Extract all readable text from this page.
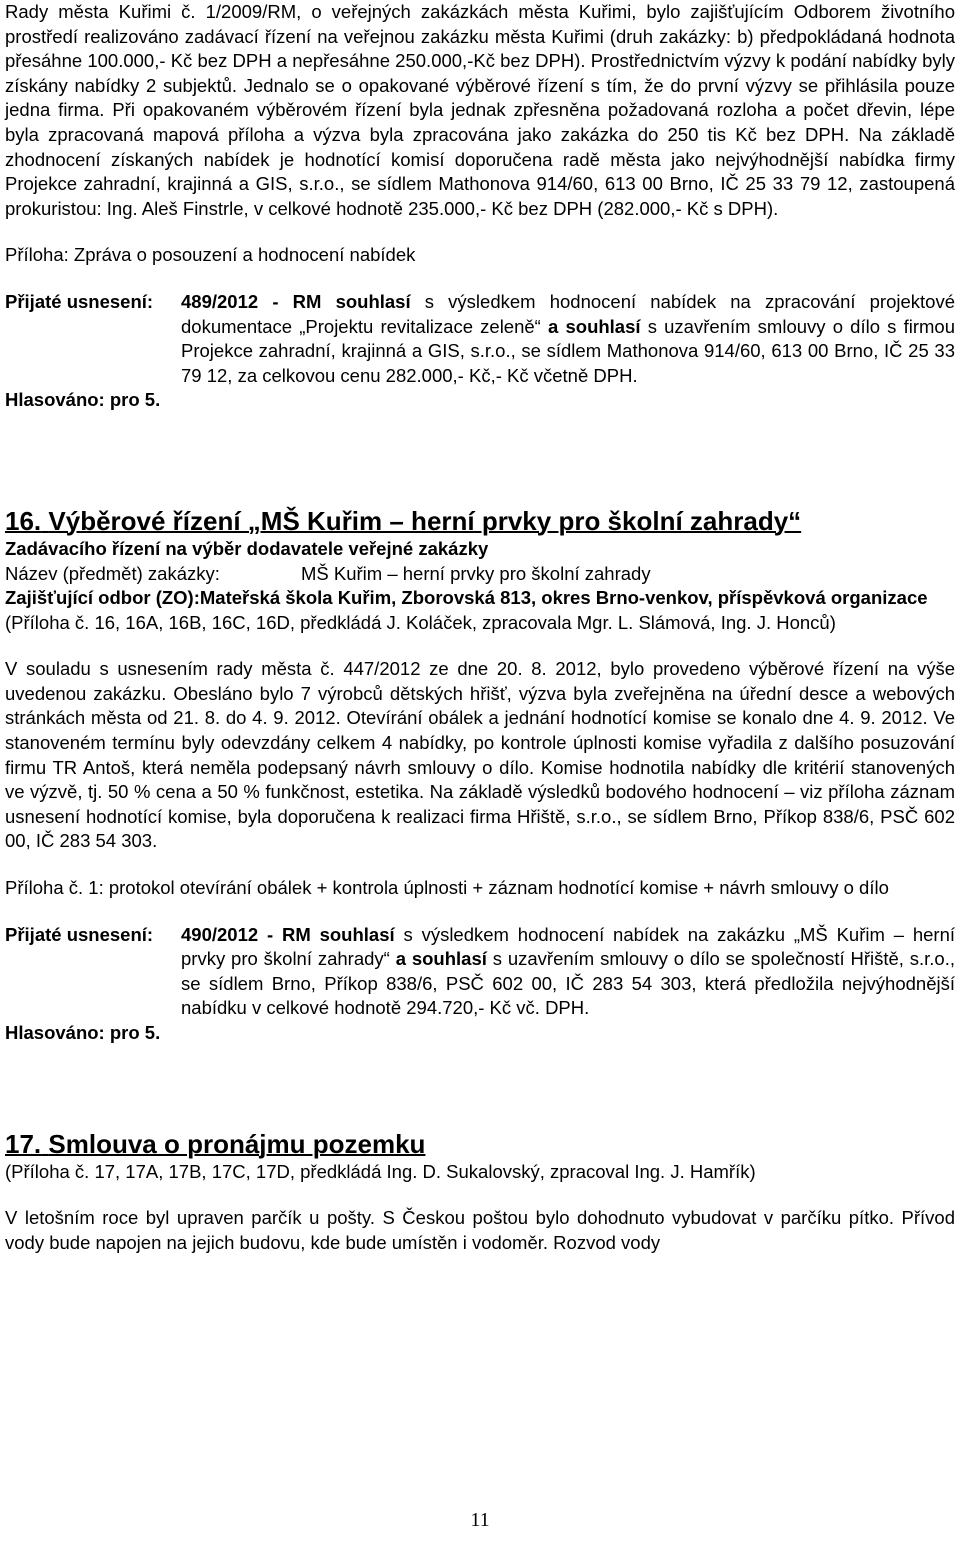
Rady města Kuřimi č. 1/2009/RM, o veřejných zakázkách města Kuřimi, bylo zajišťujícím Odborem životního prostředí realizováno zadávací řízení na veřejnou zakázku města Kuřimi (druh zakázky: b) předpokládaná hodnota přesáhne 100.000,- Kč bez DPH a nepřesáhne 250.000,-Kč bez DPH). Prostřednictvím výzvy k podání nabídky byly získány nabídky 2 subjektů. Jednalo se o opakované výběrové řízení s tím, že do první výzvy se přihlásila pouze jedna firma. Při opakovaném výběrovém řízení byla jednak zpřesněna požadovaná rozloha a počet dřevin, lépe byla zpracovaná mapová příloha a výzva byla zpracována jako zakázka do 250 tis Kč bez DPH. Na základě zhodnocení získaných nabídek je hodnotící komisí doporučena radě města jako nejvýhodnější nabídka firmy Projekce zahradní, krajinná a GIS, s.r.o., se sídlem Mathonova 914/60, 613 00 Brno, IČ 25 33 79 12, zastoupená prokuristou: Ing. Aleš Finstrle, v celkové hodnotě 235.000,- Kč bez DPH (282.000,- Kč s DPH).

Příloha: Zpráva o posouzení a hodnocení nabídek

Přijaté usnesení:	489/2012 - RM souhlasí s výsledkem hodnocení nabídek na zpracování projektové dokumentace „Projektu revitalizace zeleně“ a souhlasí s uzavřením smlouvy o dílo s firmou Projekce zahradní, krajinná a GIS, s.r.o., se sídlem Mathonova 914/60, 613 00 Brno, IČ 25 33 79 12, za celkovou cenu 282.000,- Kč,- Kč včetně DPH.
Hlasováno: pro 5.
16. Výběrové řízení „MŠ Kuřim – herní prvky pro školní zahrady“
Zadávacího řízení na výběr dodavatele veřejné zakázky
Název (předmět) zakázky:	MŠ Kuřim – herní prvky pro školní zahrady
Zajišťující odbor (ZO): Mateřská škola Kuřim, Zborovská 813, okres Brno-venkov, příspěvková organizace

(Příloha č. 16, 16A, 16B, 16C, 16D, předkládá J. Koláček, zpracovala Mgr. L. Slámová, Ing. J. Honců)

V souladu s usnesením rady města č. 447/2012 ze dne 20. 8. 2012, bylo provedeno výběrové řízení na výše uvedenou zakázku. Obesláno bylo 7 výrobců dětských hřišť, výzva byla zveřejněna na úřední desce a webových stránkách města od 21. 8. do 4. 9. 2012. Otevírání obálek a jednání hodnotící komise se konalo dne 4. 9. 2012. Ve stanoveném termínu byly odevzdány celkem 4 nabídky, po kontrole úplnosti komise vyřadila z dalšího posuzování firmu TR Antoš, která neměla podepsaný návrh smlouvy o dílo. Komise hodnotila nabídky dle kritérií stanovených ve výzvě, tj. 50 % cena a 50 % funkčnost, estetika. Na základě výsledků bodového hodnocení – viz příloha záznam usnesení hodnotící komise, byla doporučena k realizaci firma Hřiště, s.r.o., se sídlem Brno, Příkop 838/6, PSČ 602 00, IČ 283 54 303.

Příloha č. 1: protokol otevírání obálek + kontrola úplnosti + záznam hodnotící komise + návrh smlouvy o dílo

Přijaté usnesení:	490/2012 - RM souhlasí s výsledkem hodnocení nabídek na zakázku „MŠ Kuřim – herní prvky pro školní zahrady“ a souhlasí s uzavřením smlouvy o dílo se společností Hřiště, s.r.o., se sídlem Brno, Příkop 838/6, PSČ 602 00, IČ 283 54 303, která předložila nejvýhodnější nabídku v celkové hodnotě 294.720,- Kč vč. DPH.
Hlasováno: pro 5.
17. Smlouva o pronájmu pozemku

(Příloha č. 17, 17A, 17B, 17C, 17D, předkládá Ing. D. Sukalovský, zpracoval Ing. J. Hamřík)

V letošním roce byl upraven parčík u pošty. S Českou poštou bylo dohodnuto vybudovat v parčíku pítko. Přívod vody bude napojen na jejich budovu, kde bude umístěn i vodoměr. Rozvod vody

11
